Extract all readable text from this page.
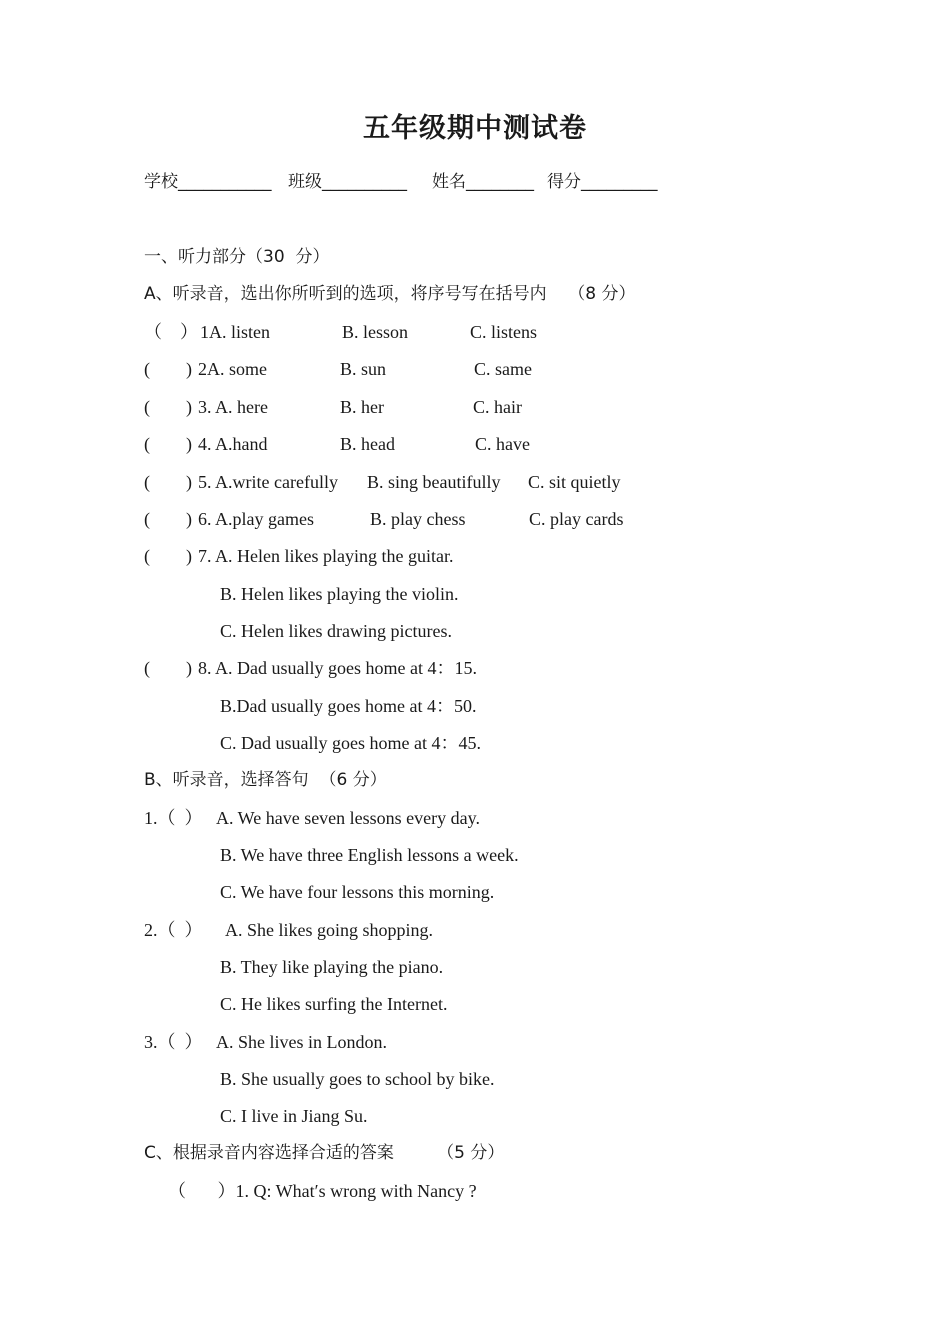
五年级期中测试卷
学校___________ 班级__________ 姓名________ 得分_________
一、听力部分（30  分）
A、听录音，选出你所听到的选项，将序号写在括号内    （8 分）
（    ） 1A. listen	B. lesson	C. listens
(        ) 2A. some	B. sun	C. same
(        ) 3. A. here	B. her	C. hair
(        ) 4. A.hand	B. head	C. have
(        ) 5. A.write carefully B. sing beautifully C. sit quietly
(        ) 6. A.play games	B. play chess	C. play cards
(        ) 7. A. Helen likes playing the guitar.
B. Helen likes playing the violin.
C. Helen likes drawing pictures.
(        ) 8. A. Dad usually goes home at 4：15.
B.Dad usually goes home at 4：50.
C. Dad usually goes home at 4：45.
B、听录音，选择答句  （6 分）
1.（  ） A. We have seven lessons every day.
B. We have three English lessons a week.
C. We have four lessons this morning.
2.（  ） A. She likes going shopping.
B. They like playing the piano.
C. He likes surfing the Internet.
3.（  ） A. She lives in London.
B. She usually goes to school by bike.
C. I live in Jiang Su.
C、根据录音内容选择合适的答案        （5 分）
（       ）1. Q: What′s wrong with Nancy ?
